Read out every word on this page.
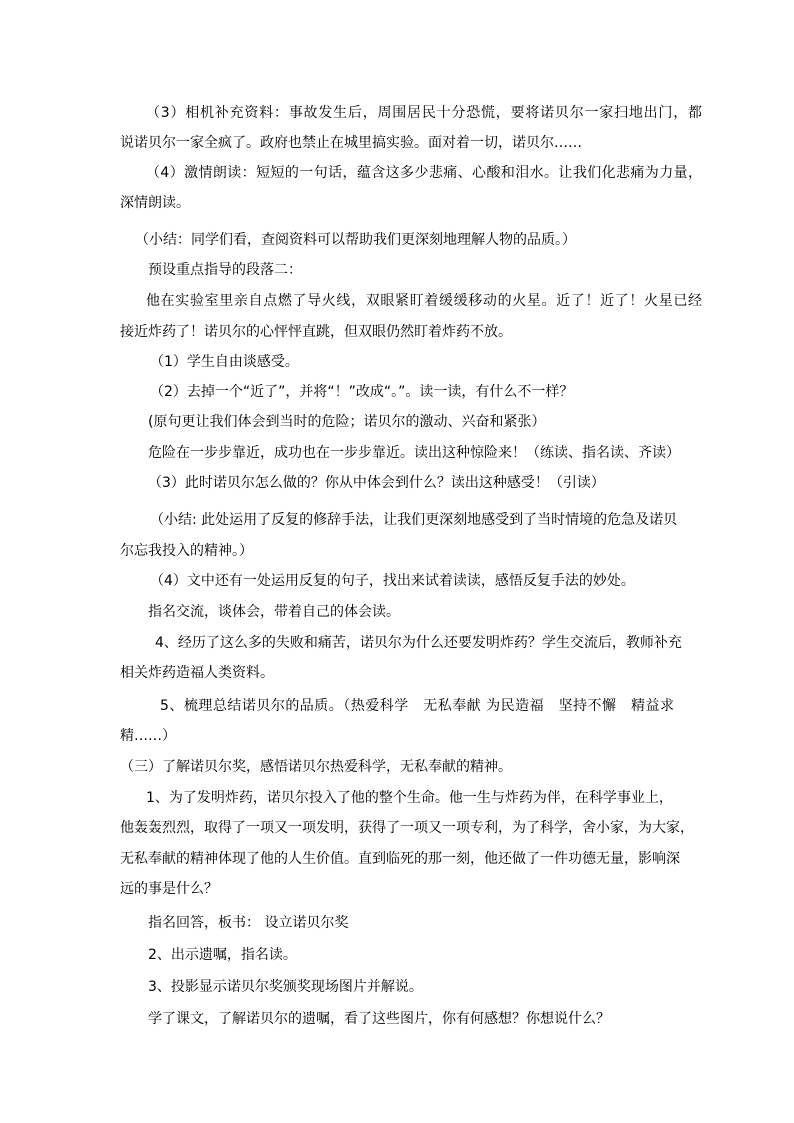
（3）相机补充资料：事故发生后，周围居民十分恐慌，要将诺贝尔一家扫地出门，都
说诺贝尔一家全疯了。政府也禁止在城里搞实验。面对着一切，诺贝尔……
（4）激情朗读：短短的一句话，蕴含这多少悲痛、心酸和泪水。让我们化悲痛为力量，
深情朗读。
（小结：同学们看，查阅资料可以帮助我们更深刻地理解人物的品质。）
预设重点指导的段落二：
他在实验室里亲自点燃了导火线，双眼紧盯着缓缓移动的火星。近了！近了！火星已经
接近炸药了！诺贝尔的心怦怦直跳，但双眼仍然盯着炸药不放。
（1）学生自由谈感受。
（2）去掉一个“近了”，并将“！”改成“。”。读一读，有什么不一样？
(原句更让我们体会到当时的危险；诺贝尔的激动、兴奋和紧张）
危险在一步步靠近，成功也在一步步靠近。读出这种惊险来！（练读、指名读、齐读）
（3）此时诺贝尔怎么做的？你从中体会到什么？读出这种感受！（引读）
（小结: 此处运用了反复的修辞手法，让我们更深刻地感受到了当时情境的危急及诺贝
尔忘我投入的精神。）
（4）文中还有一处运用反复的句子，找出来试着读读，感悟反复手法的妙处。
指名交流，谈体会，带着自己的体会读。
4、经历了这么多的失败和痛苦，诺贝尔为什么还要发明炸药？学生交流后，教师补充
相关炸药造福人类资料。
5、梳理总结诺贝尔的品质。（热爱科学　无私奉献 为民造福　坚持不懈　精益求
精……）
（三）了解诺贝尔奖，感悟诺贝尔热爱科学，无私奉献的精神。
1、为了发明炸药，诺贝尔投入了他的整个生命。他一生与炸药为伴，在科学事业上，
他轰轰烈烈，取得了一项又一项发明，获得了一项又一项专利，为了科学，舍小家，为大家，
无私奉献的精神体现了他的人生价值。直到临死的那一刻，他还做了一件功德无量，影响深
远的事是什么？
指名回答，板书： 设立诺贝尔奖
2、出示遗嘱，指名读。
3、投影显示诺贝尔奖颁奖现场图片并解说。
学了课文，了解诺贝尔的遗嘱，看了这些图片，你有何感想？你想说什么？
